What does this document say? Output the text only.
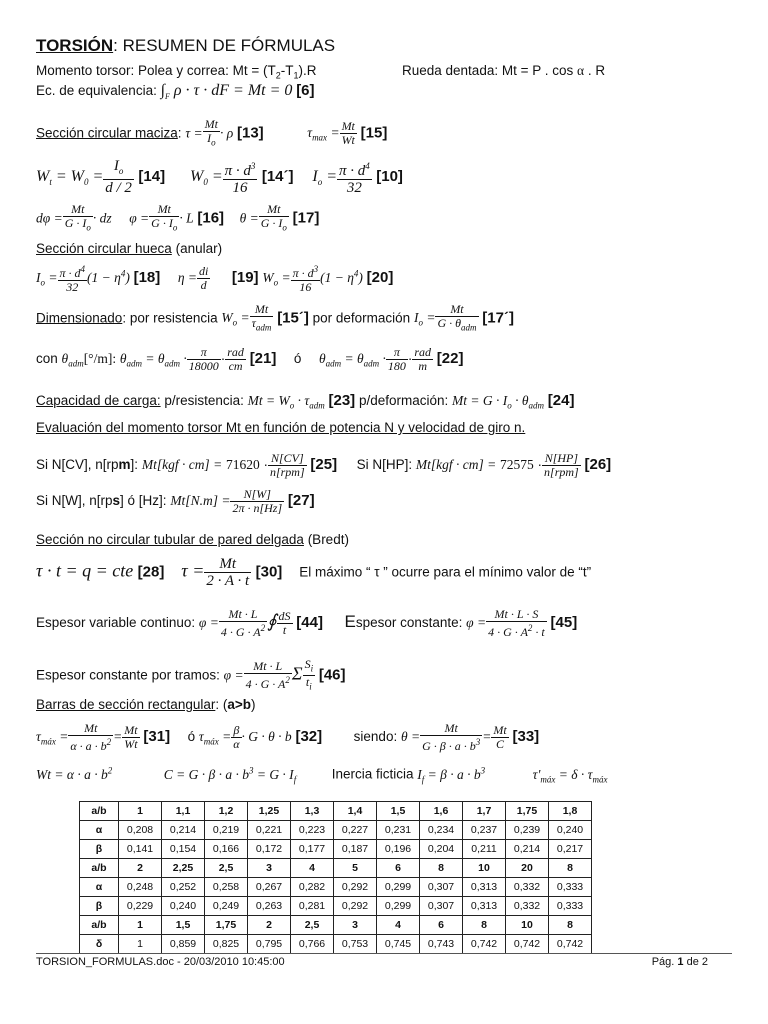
TORSIÓN: RESUMEN DE FÓRMULAS
Momento torsor: Polea y correa: $Mt = (T_2-T_1).R$	Rueda dentada: Mt = P . cos α . R
Ec. de equivalencia: $\int_F$ ρ · τ · dF = Mt = 0 [6]
Sección circular maciza: $\tau = \frac{Mt}{I_o} \cdot \rho$ [13]	$\tau_{max} = \frac{Mt}{Wt} [15]$
$W_t = W_0 = \frac{I_o}{d / 2} [14] W_0 = \frac{\pi \cdot d^3}{16}$ [14´] $I_o = \frac{\pi \cdot d^4}{32} [10]$
$d\varphi = \frac{Mt}{G \cdot I_o}$ · dz $\varphi = \frac{Mt}{G \cdot I_o} \cdot L$ [16] $\theta = \frac{Mt}{G \cdot I_o} [17]$
Sección circular hueca (anular)
$I_o = \frac{\pi \cdot d^4}{32} (1 - \eta^4)$ [18] $\eta = \frac{di}{d} [19] W_o = \frac{\pi \cdot d^3}{16} (1 - \eta^4)$ [20]
Dimensionado: por resistencia $W_o = \frac{Mt}{\tau_{adm}}$ [15´] por deformación $I_o = \frac{Mt}{G \cdot \theta_{adm}}$ [17´]
con $\theta_{adm}[^\circ/m]$: $\theta_{adm} = \theta_{adm} \cdot \frac{\pi}{18000} \cdot \frac{\text{rad}}{cm} [21]$ ó $\theta_{adm} = \theta_{adm} \cdot \frac{\pi}{180} \cdot \frac{\text{rad}}{m} [22]$
Capacidad de carga: p/resistencia: $Mt = W_o \cdot \tau_{adm}$ [23] p/deformación: $Mt = G \cdot I_o \cdot \theta_{adm}$ [24]
Evaluación del momento torsor Mt en función de potencia N y velocidad de giro n.
Si N[CV], n[rpm]: $Mt[kgf \cdot cm] = 71620 \cdot \frac{N[CV]}{\text{n[rpm]}} [25]$ Si N[HP]: $Mt[kgf \cdot cm] = 72575 \cdot \frac{N[HP]}{\text{n[rpm]}} [26]$
Si N[W], n[rps] ó [Hz]: $Mt[N.m] = \frac{N[W]}{2\pi \cdot n[Hz]} [27]$
Sección no circular tubular de pared delgada (Bredt)
τ · t = q = cte [28] $\tau = \frac{Mt}{2 \cdot A \cdot t} [30]$ El máximo “ τ ” ocurre para el mínimo valor de “t”
Espesor variable continuo: $\varphi = \frac{Mt \cdot L}{4 \cdot G \cdot A^2}$ ∮ $\frac{dS}{t} [44]$ Espesor constante: $\varphi = \frac{Mt \cdot L \cdot S}{4 \cdot G \cdot A^2 \cdot t} [45]$
Espesor constante por tramos: $\varphi = \frac{Mt \cdot L}{4 \cdot G \cdot A^2}$ Σ $\frac{S_i}{t_i} [46]$
Barras de sección rectangular: (a>b)
$\tau_{máx} = \frac{Mt}{\alpha \cdot a \cdot b^2} = \frac{Mt}{Wt} [31]$ ó $\tau_{máx} = \frac{\beta}{\alpha} \cdot G \cdot \theta \cdot b$ [32] siendo: $\theta = \frac{Mt}{G \cdot \beta \cdot a \cdot b^3} = \frac{Mt}{C} [33]$
$Wt = \alpha \cdot a \cdot b^2$	$C = G \cdot \beta \cdot a \cdot b^3 = G \cdot I_f$	Inercia ficticia $I_f = \beta \cdot a \cdot b^3$	$\tau'_{máx} = \delta \cdot \tau_{máx}$
a/b	1	1,1	1,2	1,25	1,3	1,4	1,5	1,6	1,7	1,75	1,8
α	0,208	0,214	0,219	0,221	0,223	0,227	0,231	0,234	0,237	0,239	0,240
β	0,141	0,154	0,166	0,172	0,177	0,187	0,196	0,204	0,211	0,214	0,217
a/b	2	2,25	2,5	3	4	5	6	8	10	20	8
α	0,248	0,252	0,258	0,267	0,282	0,292	0,299	0,307	0,313	0,332	0,333
β	0,229	0,240	0,249	0,263	0,281	0,292	0,299	0,307	0,313	0,332	0,333
a/b	1	1,5	1,75	2	2,5	3	4	6	8	10	8
δ	1	0,859	0,825	0,795	0,766	0,753	0,745	0,743	0,742	0,742	0,742
TORSION_FORMULAS.doc - 20/03/2010 10:45:00	Pág. 1 de 2
